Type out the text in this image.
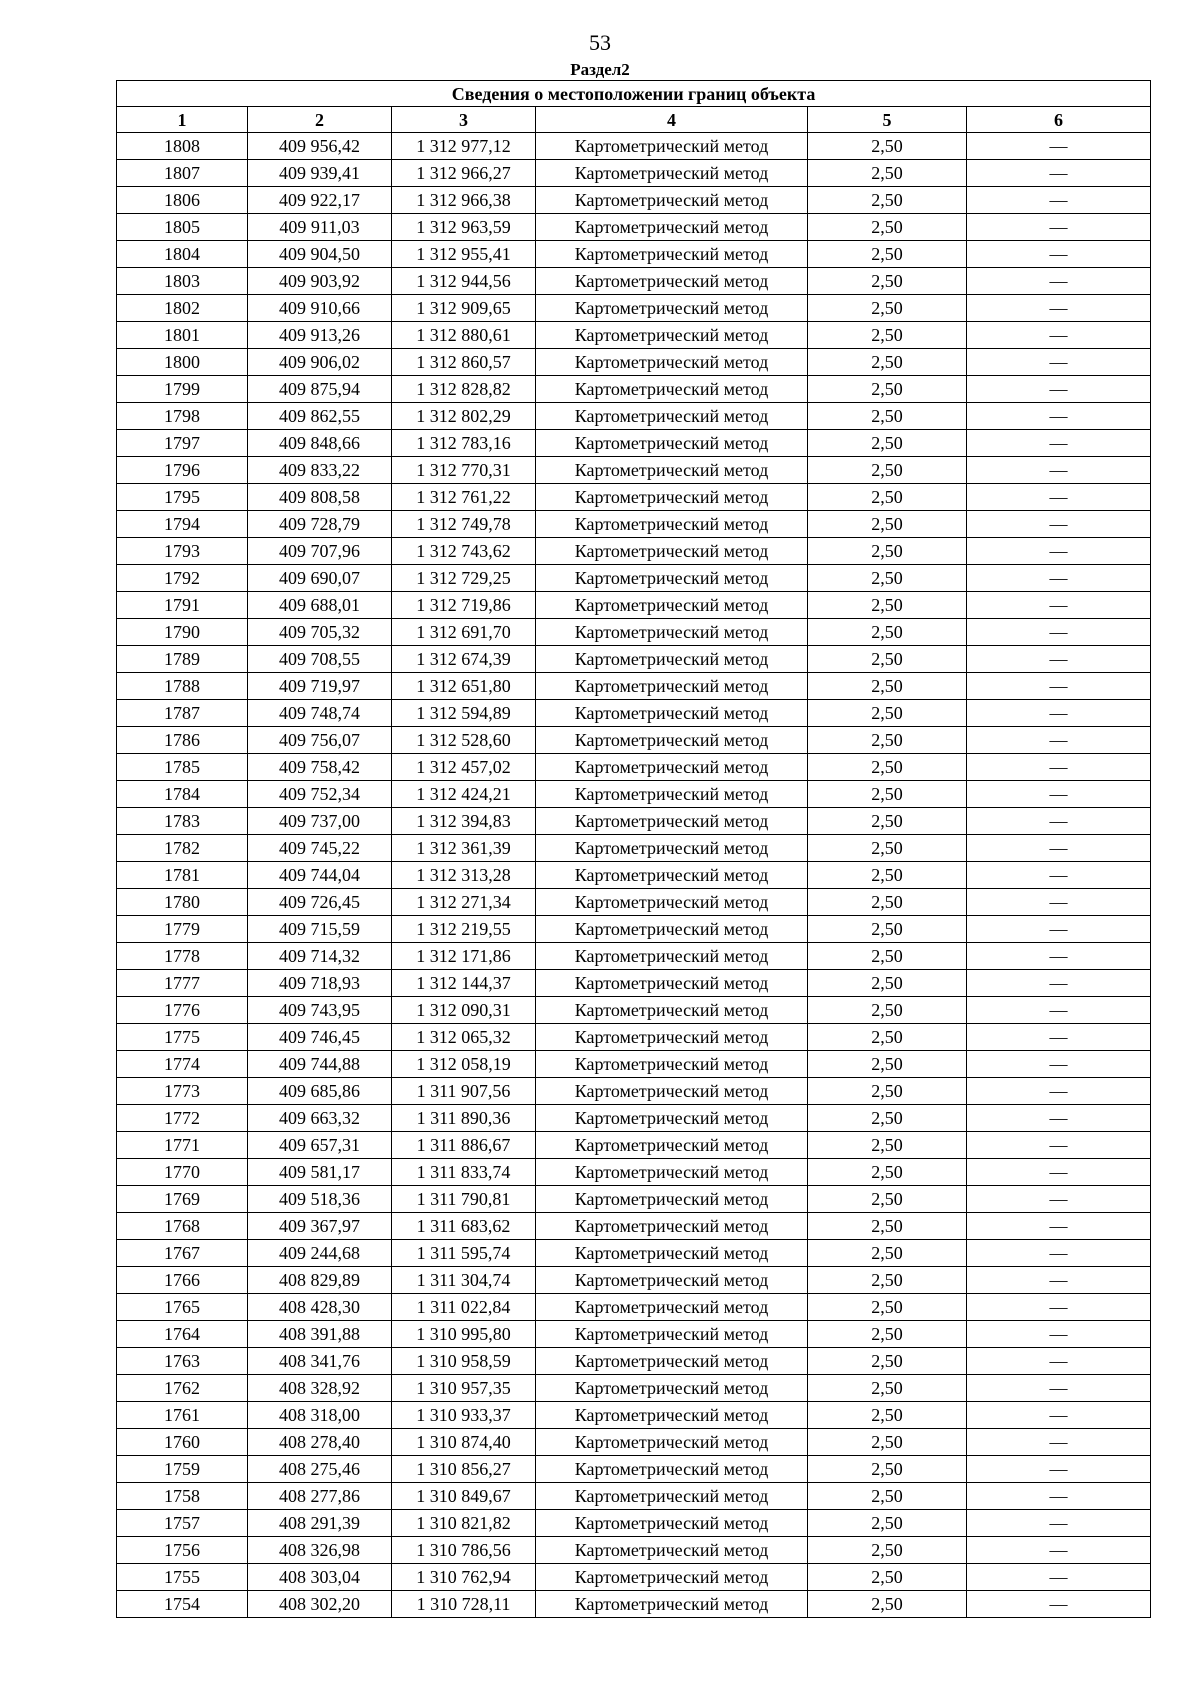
53
Раздел2
Сведения о местоположении границ объекта					
1	2	3	4	5	6
1808	409 956,42	1 312 977,12	Картометрический метод	2,50	—
1807	409 939,41	1 312 966,27	Картометрический метод	2,50	—
1806	409 922,17	1 312 966,38	Картометрический метод	2,50	—
1805	409 911,03	1 312 963,59	Картометрический метод	2,50	—
1804	409 904,50	1 312 955,41	Картометрический метод	2,50	—
1803	409 903,92	1 312 944,56	Картометрический метод	2,50	—
1802	409 910,66	1 312 909,65	Картометрический метод	2,50	—
1801	409 913,26	1 312 880,61	Картометрический метод	2,50	—
1800	409 906,02	1 312 860,57	Картометрический метод	2,50	—
1799	409 875,94	1 312 828,82	Картометрический метод	2,50	—
1798	409 862,55	1 312 802,29	Картометрический метод	2,50	—
1797	409 848,66	1 312 783,16	Картометрический метод	2,50	—
1796	409 833,22	1 312 770,31	Картометрический метод	2,50	—
1795	409 808,58	1 312 761,22	Картометрический метод	2,50	—
1794	409 728,79	1 312 749,78	Картометрический метод	2,50	—
1793	409 707,96	1 312 743,62	Картометрический метод	2,50	—
1792	409 690,07	1 312 729,25	Картометрический метод	2,50	—
1791	409 688,01	1 312 719,86	Картометрический метод	2,50	—
1790	409 705,32	1 312 691,70	Картометрический метод	2,50	—
1789	409 708,55	1 312 674,39	Картометрический метод	2,50	—
1788	409 719,97	1 312 651,80	Картометрический метод	2,50	—
1787	409 748,74	1 312 594,89	Картометрический метод	2,50	—
1786	409 756,07	1 312 528,60	Картометрический метод	2,50	—
1785	409 758,42	1 312 457,02	Картометрический метод	2,50	—
1784	409 752,34	1 312 424,21	Картометрический метод	2,50	—
1783	409 737,00	1 312 394,83	Картометрический метод	2,50	—
1782	409 745,22	1 312 361,39	Картометрический метод	2,50	—
1781	409 744,04	1 312 313,28	Картометрический метод	2,50	—
1780	409 726,45	1 312 271,34	Картометрический метод	2,50	—
1779	409 715,59	1 312 219,55	Картометрический метод	2,50	—
1778	409 714,32	1 312 171,86	Картометрический метод	2,50	—
1777	409 718,93	1 312 144,37	Картометрический метод	2,50	—
1776	409 743,95	1 312 090,31	Картометрический метод	2,50	—
1775	409 746,45	1 312 065,32	Картометрический метод	2,50	—
1774	409 744,88	1 312 058,19	Картометрический метод	2,50	—
1773	409 685,86	1 311 907,56	Картометрический метод	2,50	—
1772	409 663,32	1 311 890,36	Картометрический метод	2,50	—
1771	409 657,31	1 311 886,67	Картометрический метод	2,50	—
1770	409 581,17	1 311 833,74	Картометрический метод	2,50	—
1769	409 518,36	1 311 790,81	Картометрический метод	2,50	—
1768	409 367,97	1 311 683,62	Картометрический метод	2,50	—
1767	409 244,68	1 311 595,74	Картометрический метод	2,50	—
1766	408 829,89	1 311 304,74	Картометрический метод	2,50	—
1765	408 428,30	1 311 022,84	Картометрический метод	2,50	—
1764	408 391,88	1 310 995,80	Картометрический метод	2,50	—
1763	408 341,76	1 310 958,59	Картометрический метод	2,50	—
1762	408 328,92	1 310 957,35	Картометрический метод	2,50	—
1761	408 318,00	1 310 933,37	Картометрический метод	2,50	—
1760	408 278,40	1 310 874,40	Картометрический метод	2,50	—
1759	408 275,46	1 310 856,27	Картометрический метод	2,50	—
1758	408 277,86	1 310 849,67	Картометрический метод	2,50	—
1757	408 291,39	1 310 821,82	Картометрический метод	2,50	—
1756	408 326,98	1 310 786,56	Картометрический метод	2,50	—
1755	408 303,04	1 310 762,94	Картометрический метод	2,50	—
1754	408 302,20	1 310 728,11	Картометрический метод	2,50	—
